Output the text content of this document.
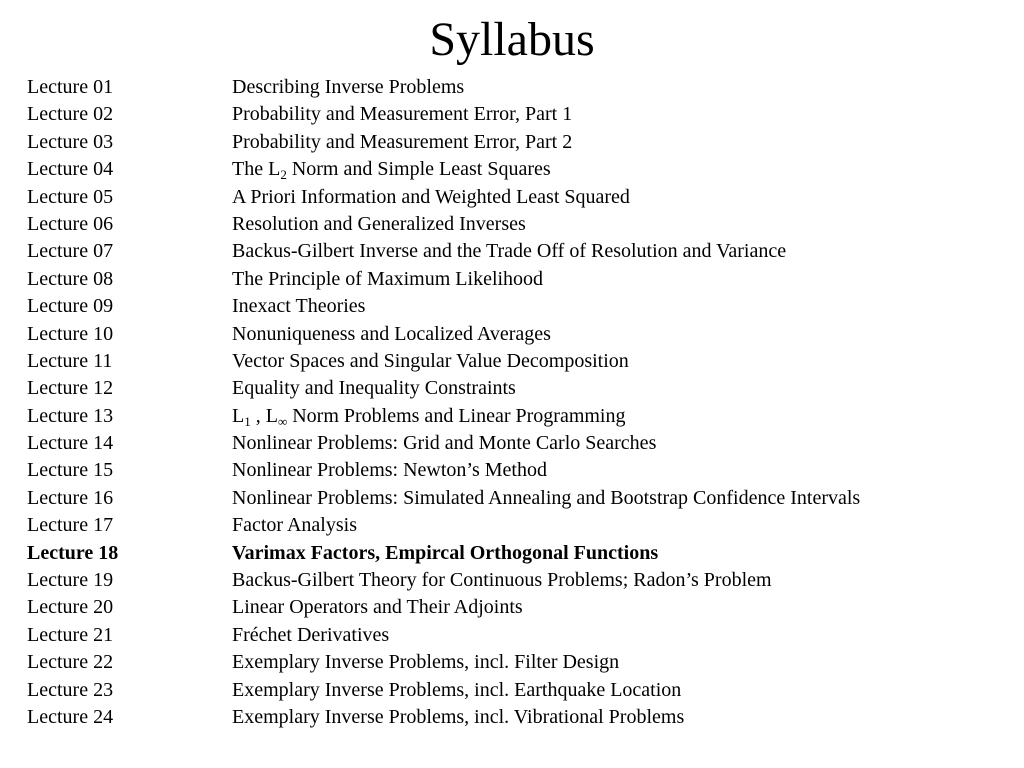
Syllabus
Lecture 01	Describing Inverse Problems
Lecture 02	Probability and Measurement Error, Part 1
Lecture 03	Probability and Measurement Error, Part 2
Lecture 04	The $L_2$ Norm and Simple Least Squares
Lecture 05	A Priori Information and Weighted Least Squared
Lecture 06	Resolution and Generalized Inverses
Lecture 07	Backus-Gilbert Inverse and the Trade Off of Resolution and Variance
Lecture 08	The Principle of Maximum Likelihood
Lecture 09	Inexact Theories
Lecture 10	Nonuniqueness and Localized Averages
Lecture 11	Vector Spaces and Singular Value Decomposition
Lecture 12	Equality and Inequality Constraints
Lecture 13	$L_1$ , $L_\infty$ Norm Problems and Linear Programming
Lecture 14	Nonlinear Problems: Grid and Monte Carlo Searches
Lecture 15	Nonlinear Problems: Newton’s Method
Lecture 16	Nonlinear Problems: Simulated Annealing and Bootstrap Confidence Intervals
Lecture 17	Factor Analysis
Lecture 18	Varimax Factors, Empircal Orthogonal Functions
Lecture 19	Backus-Gilbert Theory for Continuous Problems; Radon’s Problem
Lecture 20	Linear Operators and Their Adjoints
Lecture 21	Fréchet Derivatives
Lecture 22	Exemplary Inverse Problems, incl. Filter Design
Lecture 23	Exemplary Inverse Problems, incl. Earthquake Location
Lecture 24	Exemplary Inverse Problems, incl. Vibrational Problems
